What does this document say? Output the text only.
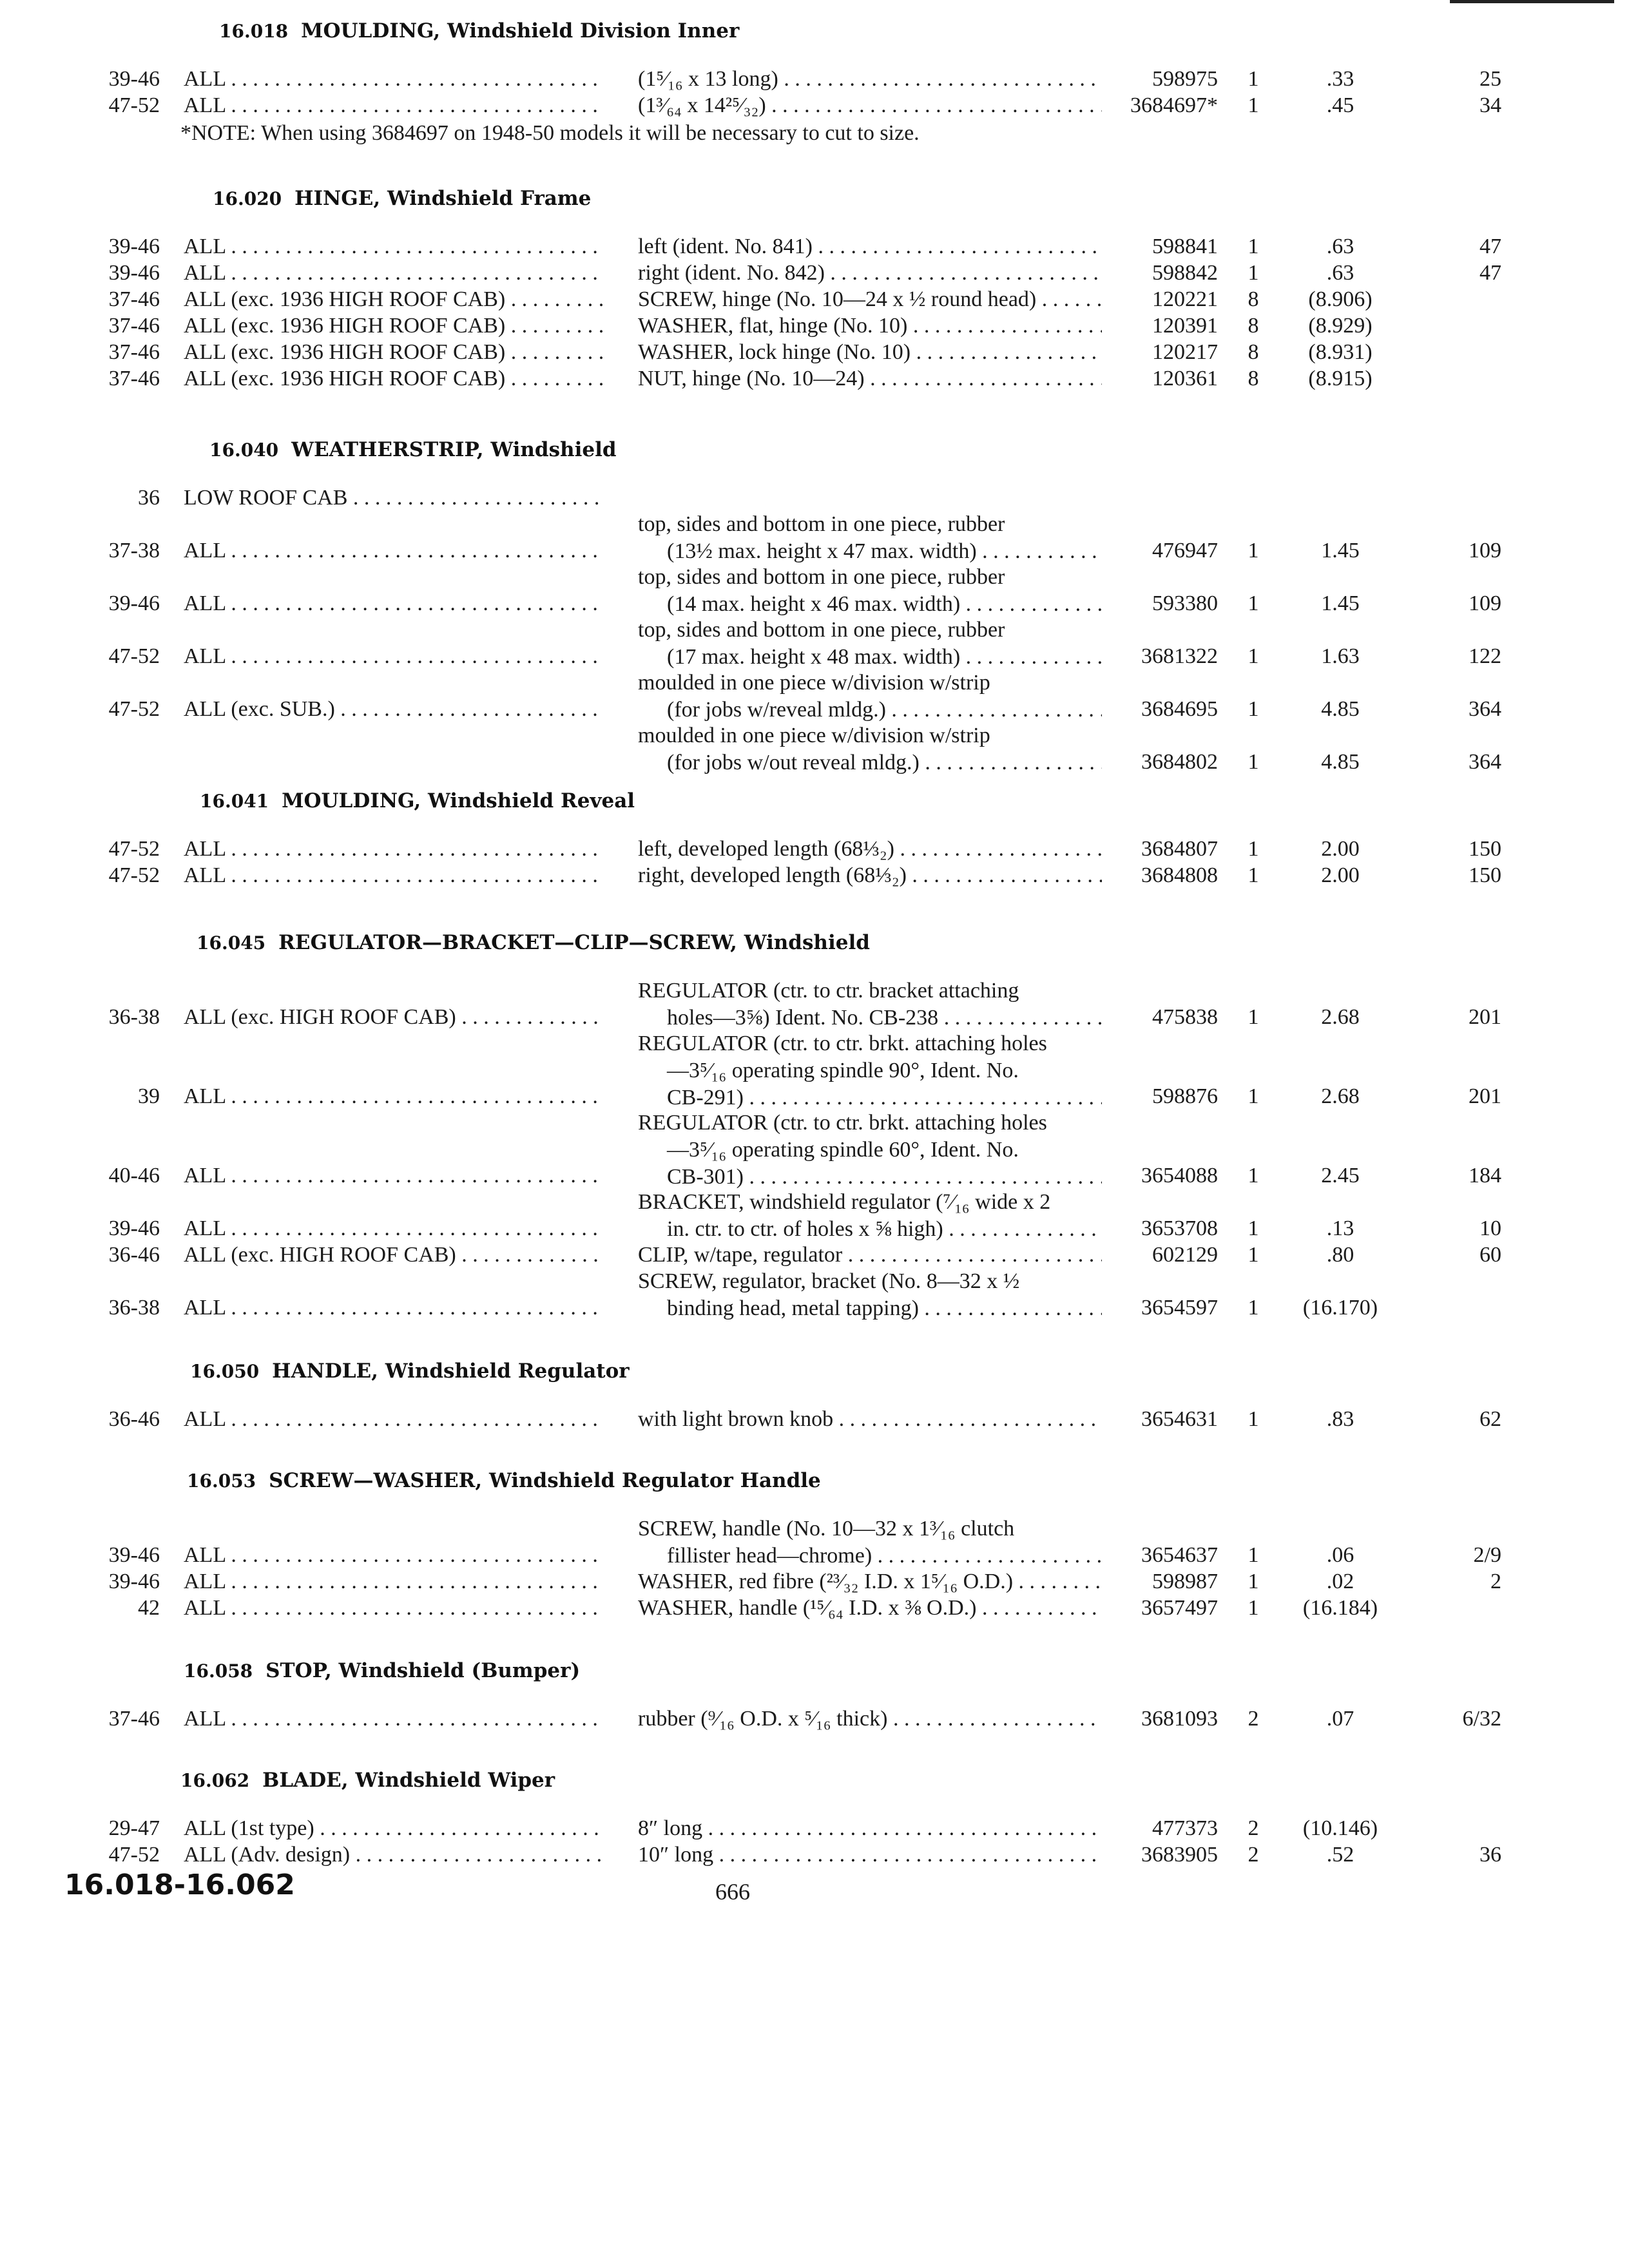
16.018 MOULDING, Windshield Division Inner
39-46 ALL . . .	(1⁵⁄₁₆ x 13 long) . . .	598975	1	.33	25
47-52 ALL . . .	(1³⁄₆₄ x 14²⁵⁄₃₂) . . .	3684697*	1	.45	34
*NOTE: When using 3684697 on 1948-50 models it will be necessary to cut to size.
16.020 HINGE, Windshield Frame
39-46 ALL . . .	left (ident. No. 841) . . .	598841	1	.63	47
39-46 ALL . . .	right (ident. No. 842) . . .	598842	1	.63	47
37-46 ALL (exc. 1936 HIGH ROOF CAB) . . .	SCREW, hinge (No. 10—24 x ½ round head) . . .	120221	8	(8.906)
37-46 ALL (exc. 1936 HIGH ROOF CAB) . . .	WASHER, flat, hinge (No. 10) . . .	120391	8	(8.929)
37-46 ALL (exc. 1936 HIGH ROOF CAB) . . .	WASHER, lock hinge (No. 10) . . .	120217	8	(8.931)
37-46 ALL (exc. 1936 HIGH ROOF CAB) . . .	NUT, hinge (No. 10—24) . . .	120361	8	(8.915)
16.040 WEATHERSTRIP, Windshield
36 LOW ROOF CAB . . .
37-38 ALL . . .
top, sides and bottom in one piece, rubber
(13½ max. height x 47 max. width) . . .	476947	1	1.45	109
39-46 ALL . . .
top, sides and bottom in one piece, rubber
(14 max. height x 46 max. width) . . .	593380	1	1.45	109
47-52 ALL . . .
top, sides and bottom in one piece, rubber
(17 max. height x 48 max. width) . . .	3681322	1	1.63	122
47-52 ALL (exc. SUB.) . . .
moulded in one piece w/division w/strip
(for jobs w/reveal mldg.) . . .	3684695	1	4.85	364
moulded in one piece w/division w/strip
(for jobs w/out reveal mldg.) . . .	3684802	1	4.85	364
16.041 MOULDING, Windshield Reveal
47-52 ALL . . .	left, developed length (68⅓₂) . . .	3684807	1	2.00	150
47-52 ALL . . .	right, developed length (68⅓₂) . . .	3684808	1	2.00	150
16.045 REGULATOR—BRACKET—CLIP—SCREW, Windshield
36-38 ALL (exc. HIGH ROOF CAB) . . .
REGULATOR (ctr. to ctr. bracket attaching
holes—3⅝) Ident. No. CB-238 . . .	475838	1	2.68	201
39 ALL . . .
REGULATOR (ctr. to ctr. brkt. attaching holes
—3⁵⁄₁₆ operating spindle 90°, Ident. No.
CB-291) . . .	598876	1	2.68	201
40-46 ALL . . .
REGULATOR (ctr. to ctr. brkt. attaching holes
—3⁵⁄₁₆ operating spindle 60°, Ident. No.
CB-301) . . .	3654088	1	2.45	184
39-46 ALL . . .
BRACKET, windshield regulator (⁷⁄₁₆ wide x 2
in. ctr. to ctr. of holes x ⅝ high) . . .	3653708	1	.13	10
36-46 ALL (exc. HIGH ROOF CAB) . . .	CLIP, w/tape, regulator . . .	602129	1	.80	60
36-38 ALL . . .
SCREW, regulator, bracket (No. 8—32 x ½
binding head, metal tapping) . . .	3654597	1	(16.170)
16.050 HANDLE, Windshield Regulator
36-46 ALL . . .	with light brown knob . . .	3654631	1	.83	62
16.053 SCREW—WASHER, Windshield Regulator Handle
39-46 ALL . . .
SCREW, handle (No. 10—32 x 1³⁄₁₆ clutch
fillister head—chrome) . . .	3654637	1	.06	2/9
39-46 ALL . . .	WASHER, red fibre (²³⁄₃₂ I.D. x 1⁵⁄₁₆ O.D.) . . .	598987	1	.02	2
42 ALL . . .	WASHER, handle (¹⁵⁄₆₄ I.D. x ⅜ O.D.) . . .	3657497	1	(16.184)
16.058 STOP, Windshield (Bumper)
37-46 ALL . . .	rubber (⁹⁄₁₆ O.D. x ⁵⁄₁₆ thick) . . .	3681093	2	.07	6/32
16.062 BLADE, Windshield Wiper
29-47 ALL (1st type) . . .	8″ long . . .	477373	2	(10.146)
47-52 ALL (Adv. design) . . .	10″ long . . .	3683905	2	.52	36
16.018-16.062	666
